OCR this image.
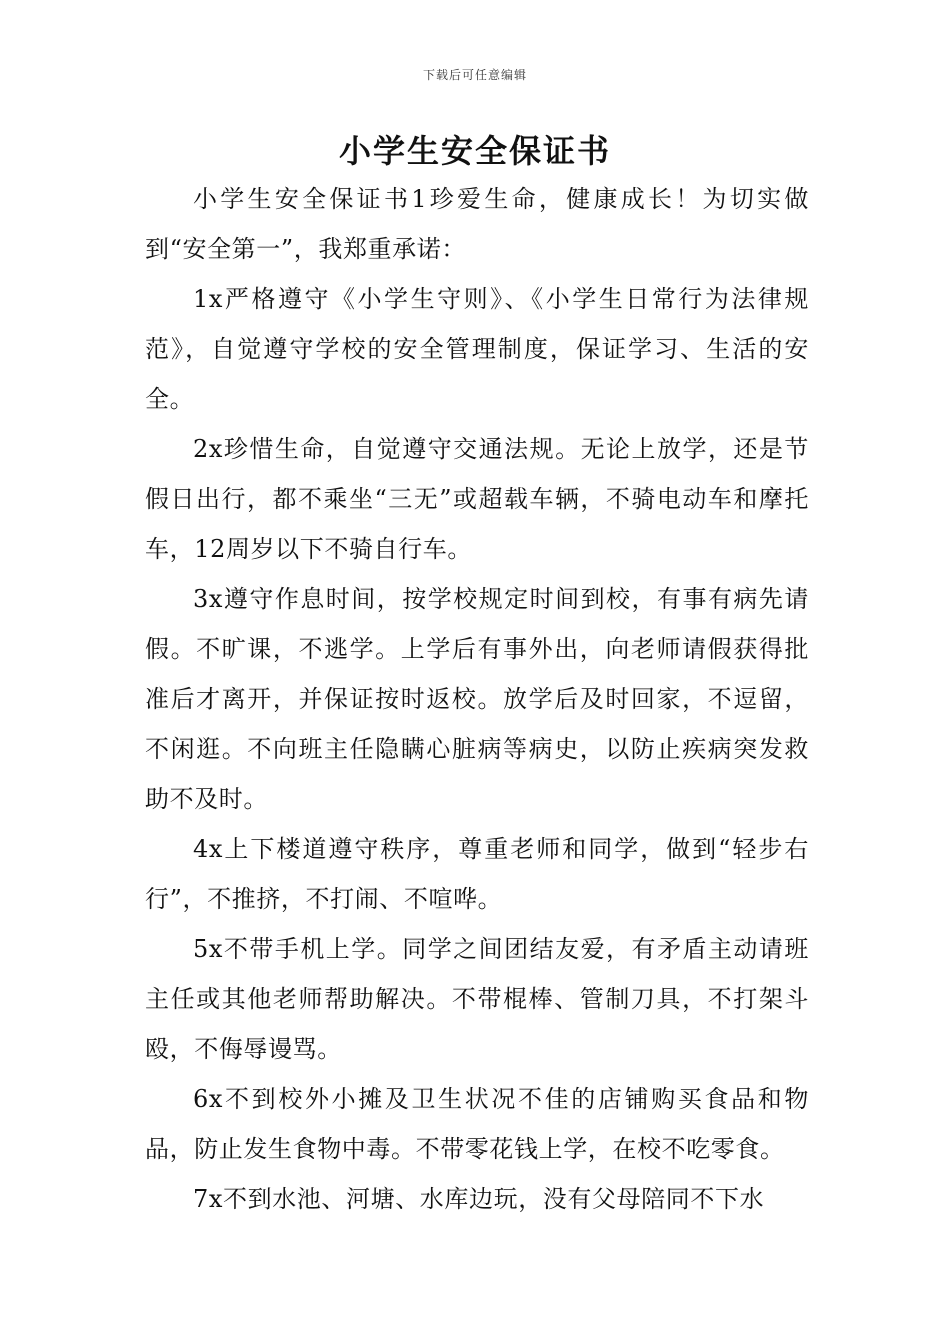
下载后可任意编辑
小学生安全保证书

小学生安全保证书1珍爱生命，健康成长！为切实做到“安全第一”，我郑重承诺：

1x严格遵守《小学生守则》、《小学生日常行为法律规范》，自觉遵守学校的安全管理制度，保证学习、生活的安全。

2x珍惜生命，自觉遵守交通法规。无论上放学，还是节假日出行，都不乘坐“三无”或超载车辆，不骑电动车和摩托车，12周岁以下不骑自行车。

3x遵守作息时间，按学校规定时间到校，有事有病先请假。不旷课，不逃学。上学后有事外出，向老师请假获得批准后才离开，并保证按时返校。放学后及时回家，不逗留，不闲逛。不向班主任隐瞒心脏病等病史，以防止疾病突发救助不及时。

4x上下楼道遵守秩序，尊重老师和同学，做到“轻步右行”，不推挤，不打闹、不喧哗。

5x不带手机上学。同学之间团结友爱，有矛盾主动请班主任或其他老师帮助解决。不带棍棒、管制刀具，不打架斗殴，不侮辱谩骂。

6x不到校外小摊及卫生状况不佳的店铺购买食品和物品，防止发生食物中毒。不带零花钱上学，在校不吃零食。

7x不到水池、河塘、水库边玩，没有父母陪同不下水
